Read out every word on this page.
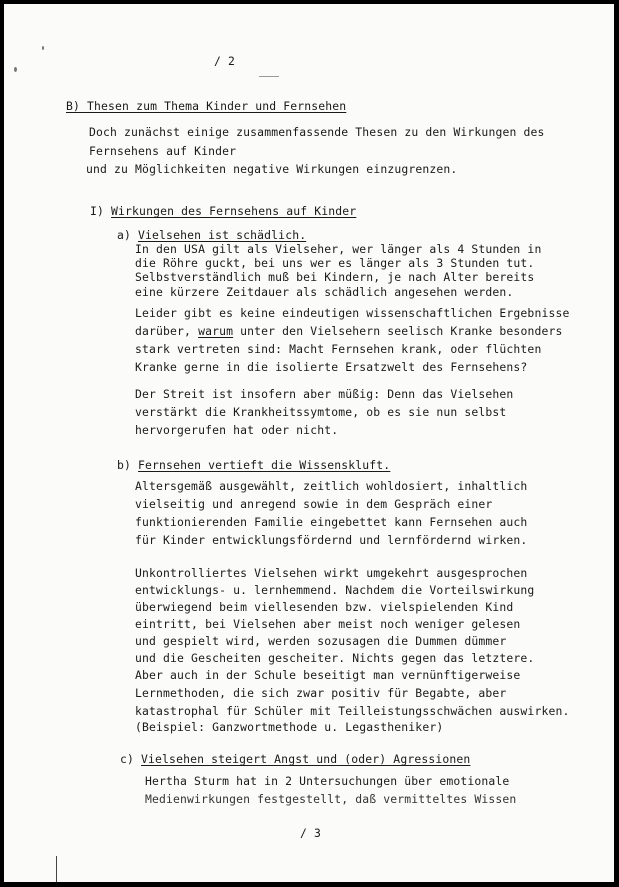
/ 2
B) Thesen zum Thema Kinder und Fernsehen
Doch zunächst einige zusammenfassende Thesen zu den Wirkungen des
Fernsehens auf Kinder
und zu Möglichkeiten negative Wirkungen einzugrenzen.
I) Wirkungen des Fernsehens auf Kinder
a) Vielsehen ist schädlich.
In den USA gilt als Vielseher, wer länger als 4 Stunden in
die Röhre guckt, bei uns wer es länger als 3 Stunden tut.
Selbstverständlich muß bei Kindern, je nach Alter bereits
eine kürzere Zeitdauer als schädlich angesehen werden.
Leider gibt es keine eindeutigen wissenschaftlichen Ergebnisse
darüber, warum unter den Vielsehern seelisch Kranke besonders
stark vertreten sind: Macht Fernsehen krank, oder flüchten
Kranke gerne in die isolierte Ersatzwelt des Fernsehens?
Der Streit ist insofern aber müßig: Denn das Vielsehen
verstärkt die Krankheitssymtome, ob es sie nun selbst
hervorgerufen hat oder nicht.
b) Fernsehen vertieft die Wissenskluft.
Altersgemäß ausgewählt, zeitlich wohldosiert, inhaltlich
vielseitig und anregend sowie in dem Gespräch einer
funktionierenden Familie eingebettet kann Fernsehen auch
für Kinder entwicklungsfördernd und lernfördernd wirken.
Unkontrolliertes Vielsehen wirkt umgekehrt ausgesprochen
entwicklungs- u. lernhemmend. Nachdem die Vorteilswirkung
überwiegend beim viellesenden bzw. vielspielenden Kind
eintritt, bei Vielsehen aber meist noch weniger gelesen
und gespielt wird, werden sozusagen die Dummen dümmer
und die Gescheiten gescheiter. Nichts gegen das letztere.
Aber auch in der Schule beseitigt man vernünftigerweise
Lernmethoden, die sich zwar positiv für Begabte, aber
katastrophal für Schüler mit Teilleistungsschwächen auswirken.
(Beispiel: Ganzwortmethode u. Legastheniker)
c) Vielsehen steigert Angst und (oder) Agressionen
Hertha Sturm hat in 2 Untersuchungen über emotionale
Medienwirkungen festgestellt, daß vermitteltes Wissen
/ 3
